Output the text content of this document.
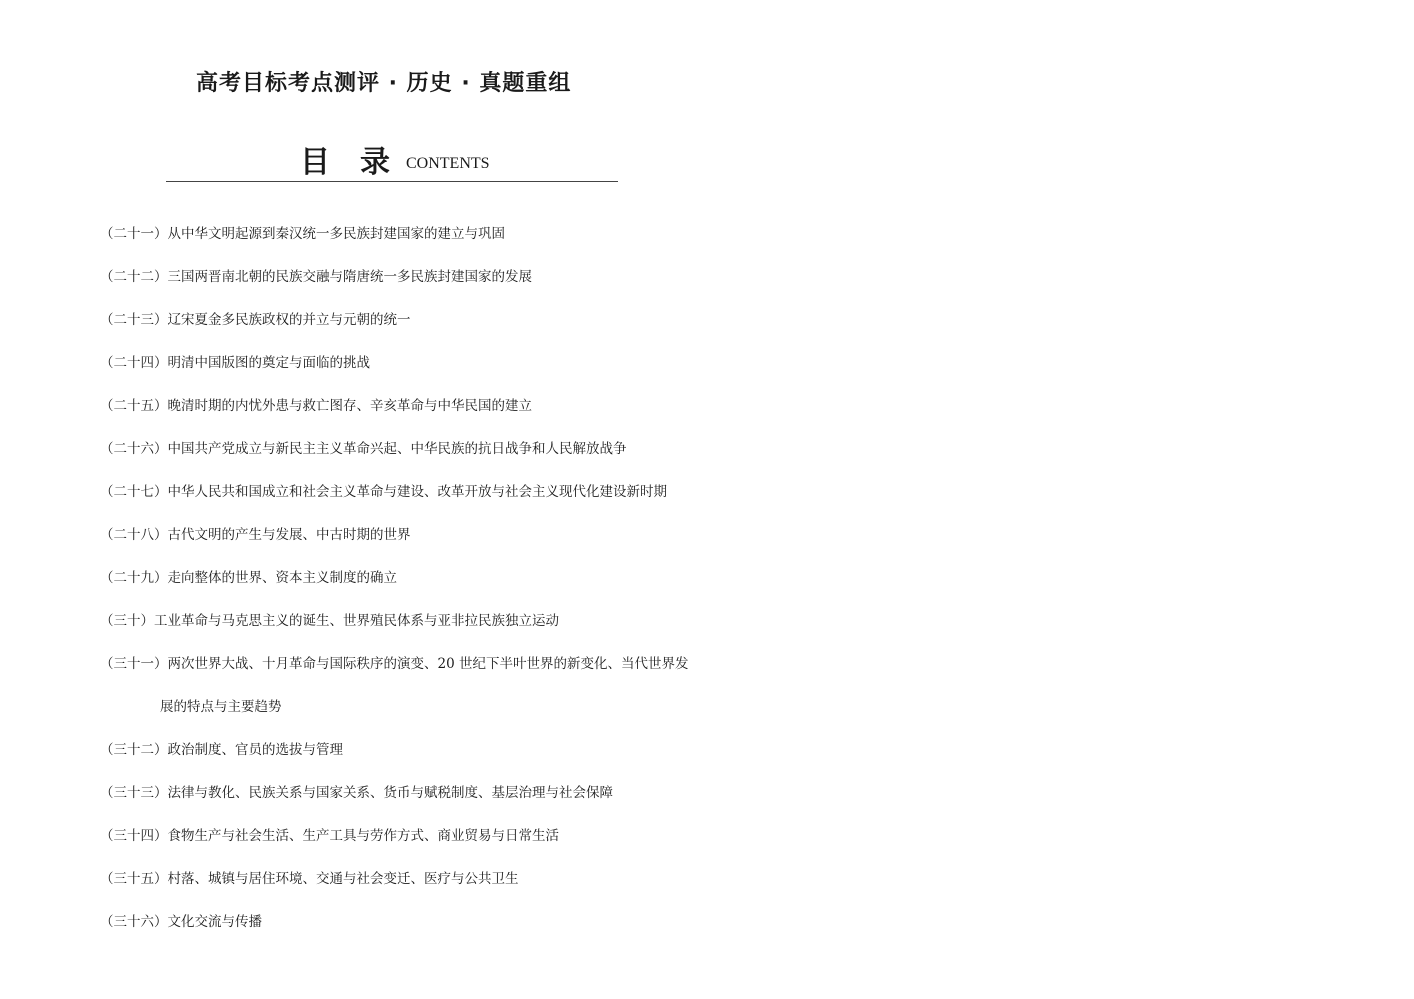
高考目标考点测评 · 历史 · 真题重组
目录
CONTENTS
（二十一） 从中华文明起源到秦汉统一多民族封建国家的建立与巩固
（二十二） 三国两晋南北朝的民族交融与隋唐统一多民族封建国家的发展
（二十三） 辽宋夏金多民族政权的并立与元朝的统一
（二十四） 明清中国版图的奠定与面临的挑战
（二十五） 晚清时期的内忧外患与救亡图存、辛亥革命与中华民国的建立
（二十六） 中国共产党成立与新民主主义革命兴起、中华民族的抗日战争和人民解放战争
（二十七） 中华人民共和国成立和社会主义革命与建设、改革开放与社会主义现代化建设新时期
（二十八） 古代文明的产生与发展、中古时期的世界
（二十九） 走向整体的世界、资本主义制度的确立
（三十） 工业革命与马克思主义的诞生、世界殖民体系与亚非拉民族独立运动
（三十一） 两次世界大战、十月革命与国际秩序的演变、20 世纪下半叶世界的新变化、当代世界发
展的特点与主要趋势
（三十二） 政治制度、官员的选拔与管理
（三十三） 法律与教化、民族关系与国家关系、货币与赋税制度、基层治理与社会保障
（三十四） 食物生产与社会生活、生产工具与劳作方式、商业贸易与日常生活
（三十五） 村落、城镇与居住环境、交通与社会变迁、医疗与公共卫生
（三十六） 文化交流与传播
